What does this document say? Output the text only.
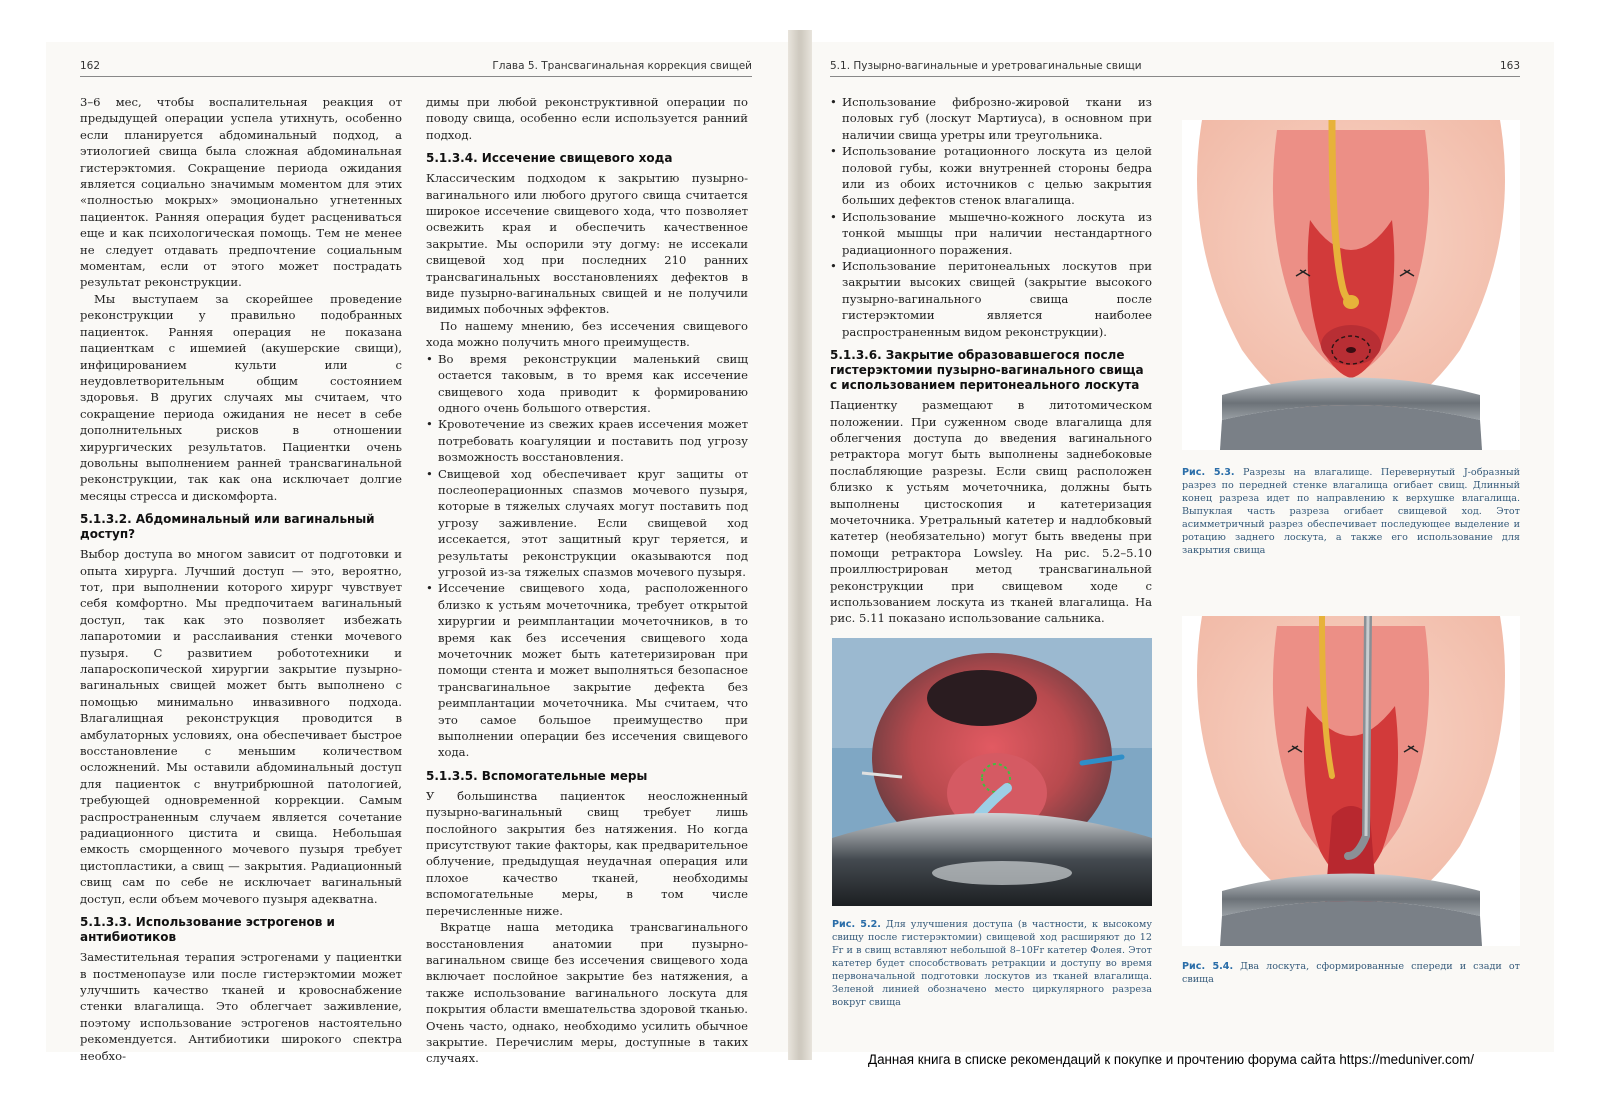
162	Глава 5. Трансвагинальная коррекция свищей

3–6 мес, чтобы воспалительная реакция от предыдущей операции успела утихнуть, особенно если планируется абдоминальный подход, а этиологией свища была сложная абдоминальная гистерэктомия. Сокращение периода ожидания является социально значимым моментом для этих «полностью мокрых» эмоционально угнетенных пациенток. Ранняя операция будет расцениваться еще и как психологическая помощь. Тем не менее не следует отдавать предпочтение социальным моментам, если от этого может пострадать результат реконструкции.

Мы выступаем за скорейшее проведение реконструкции у правильно подобранных пациенток. Ранняя операция не показана пациенткам с ишемией (акушерские свищи), инфицированием культи или с неудовлетворительным общим состоянием здоровья. В других случаях мы считаем, что сокращение периода ожидания не несет в себе дополнительных рисков в отношении хирургических результатов. Пациентки очень довольны выполнением ранней трансвагинальной реконструкции, так как она исключает долгие месяцы стресса и дискомфорта.

5.1.3.2. Абдоминальный или вагинальный доступ?

Выбор доступа во многом зависит от подготовки и опыта хирурга. Лучший доступ — это, вероятно, тот, при выполнении которого хирург чувствует себя комфортно. Мы предпочитаем вагинальный доступ, так как это позволяет избежать лапаротомии и расслаивания стенки мочевого пузыря. С развитием робототехники и лапароскопической хирургии закрытие пузырно-вагинальных свищей может быть выполнено с помощью минимально инвазивного подхода. Влагалищная реконструкция проводится в амбулаторных условиях, она обеспечивает быстрое восстановление с меньшим количеством осложнений. Мы оставили абдоминальный доступ для пациенток с внутрибрюшной патологией, требующей одновременной коррекции. Самым распространенным случаем является сочетание радиационного цистита и свища. Небольшая емкость сморщенного мочевого пузыря требует цистопластики, а свищ — закрытия. Радиационный свищ сам по себе не исключает вагинальный доступ, если объем мочевого пузыря адекватна.

5.1.3.3. Использование эстрогенов и антибиотиков

Заместительная терапия эстрогенами у пациентки в постменопаузе или после гистерэктомии может улучшить качество тканей и кровоснабжение стенки влагалища. Это облегчает заживление, поэтому использование эстрогенов настоятельно рекомендуется. Антибиотики широкого спектра необхо-

димы при любой реконструктивной операции по поводу свища, особенно если используется ранний подход.

5.1.3.4. Иссечение свищевого хода

Классическим подходом к закрытию пузырно-вагинального или любого другого свища считается широкое иссечение свищевого хода, что позволяет освежить края и обеспечить качественное закрытие. Мы оспорили эту догму: не иссекали свищевой ход при последних 210 ранних трансвагинальных восстановлениях дефектов в виде пузырно-вагинальных свищей и не получили видимых побочных эффектов.

По нашему мнению, без иссечения свищевого хода можно получить много преимуществ.

• Во время реконструкции маленький свищ остается таковым, в то время как иссечение свищевого хода приводит к формированию одного очень большого отверстия.
• Кровотечение из свежих краев иссечения может потребовать коагуляции и поставить под угрозу возможность восстановления.
• Свищевой ход обеспечивает круг защиты от послеоперационных спазмов мочевого пузыря, которые в тяжелых случаях могут поставить под угрозу заживление. Если свищевой ход иссекается, этот защитный круг теряется, и результаты реконструкции оказываются под угрозой из-за тяжелых спазмов мочевого пузыря.
• Иссечение свищевого хода, расположенного близко к устьям мочеточника, требует открытой хирургии и реимплантации мочеточников, в то время как без иссечения свищевого хода мочеточник может быть катетеризирован при помощи стента и может выполняться безопасное трансвагинальное закрытие дефекта без реимплантации мочеточника. Мы считаем, что это самое большое преимущество при выполнении операции без иссечения свищевого хода.
5.1.3.5. Вспомогательные меры

У большинства пациенток неосложненный пузырно-вагинальный свищ требует лишь послойного закрытия без натяжения. Но когда присутствуют такие факторы, как предварительное облучение, предыдущая неудачная операция или плохое качество тканей, необходимы вспомогательные меры, в том числе перечисленные ниже.

Вкратце наша методика трансвагинального восстановления анатомии при пузырно-вагинальном свище без иссечения свищевого хода включает послойное закрытие без натяжения, а также использование вагинального лоскута для покрытия области вмешательства здоровой тканью. Очень часто, однако, необходимо усилить обычное закрытие. Перечислим меры, доступные в таких случаях.

5.1. Пузырно-вагинальные и уретровагинальные свищи	163
• Использование фиброзно-жировой ткани из половых губ (лоскут Мартиуса), в основном при наличии свища уретры или треугольника.
• Использование ротационного лоскута из целой половой губы, кожи внутренней стороны бедра или из обоих источников с целью закрытия больших дефектов стенок влагалища.
• Использование мышечно-кожного лоскута из тонкой мышцы при наличии нестандартного радиационного поражения.
• Использование перитонеальных лоскутов при закрытии высоких свищей (закрытие высокого пузырно-вагинального свища после гистерэктомии является наиболее распространенным видом реконструкции).
5.1.3.6. Закрытие образовавшегося после гистерэктомии пузырно-вагинального свища с использованием перитонеального лоскута

Пациентку размещают в литотомическом положении. При суженном своде влагалища для облегчения доступа до введения вагинального ретрактора могут быть выполнены заднебоковые послабляющие разрезы. Если свищ расположен близко к устьям мочеточника, должны быть выполнены цистоскопия и катетеризация мочеточника. Уретральный катетер и надлобковый катетер (необязательно) могут быть введены при помощи ретрактора Lowsley. На рис. 5.2–5.10 проиллюстрирован метод трансвагинальной реконструкции при свищевом ходе с использованием лоскута из тканей влагалища. На рис. 5.11 показано использование сальника.

Рис. 5.2. Для улучшения доступа (в частности, к высокому свищу после гистерэктомии) свищевой ход расширяют до 12 Fr и в свищ вставляют небольшой 8–10Fr катетер Фолея. Этот катетер будет способствовать ретракции и доступу во время первоначальной подготовки лоскутов из тканей влагалища. Зеленой линией обозначено место циркулярного разреза вокруг свища
Рис. 5.3. Разрезы на влагалище. Перевернутый J-образный разрез по передней стенке влагалища огибает свищ. Длинный конец разреза идет по направлению к верхушке влагалища. Выпуклая часть разреза огибает свищевой ход. Этот асимметричный разрез обеспечивает последующее выделение и ротацию заднего лоскута, а также его использование для закрытия свища
Рис. 5.4. Два лоскута, сформированные спереди и сзади от свища
Данная книга в списке рекомендаций к покупке и прочтению форума сайта https://meduniver.com/
